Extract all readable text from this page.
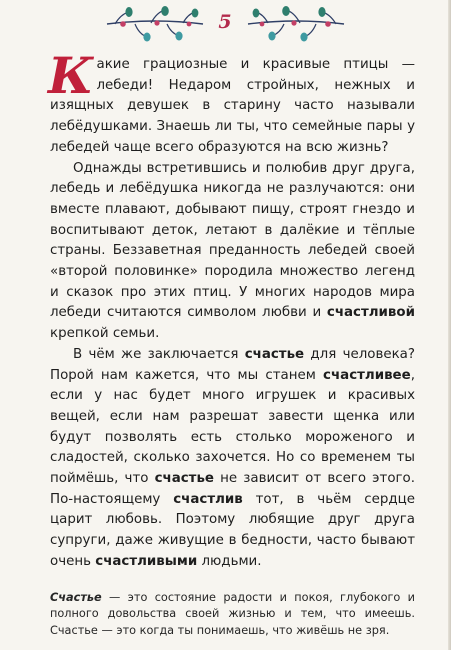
5

Какие грациозные и красивые птицы — лебеди! Недаром стройных, нежных и изящных девушек в старину часто называли лебёдушками. Знаешь ли ты, что семейные пары у лебедей чаще всего образуются на всю жизнь?

Однажды встретившись и полюбив друг друга, лебедь и лебёдушка никогда не разлучаются: они вместе плавают, добывают пищу, строят гнездо и воспитывают деток, летают в далёкие и тёплые страны. Беззаветная преданность лебедей своей «второй половинке» породила множество легенд и сказок про этих птиц. У многих народов мира лебеди считаются символом любви и счастливой крепкой семьи.

В чём же заключается счастье для человека? Порой нам кажется, что мы станем счастливее, если у нас будет много игрушек и красивых вещей, если нам разрешат завести щенка или будут позволять есть столько мороженого и сладостей, сколько захочется. Но со временем ты поймёшь, что счастье не зависит от всего этого. По-настоящему счастлив тот, в чьём сердце царит любовь. Поэтому любящие друг друга супруги, даже живущие в бедности, часто бывают очень счастливыми людьми.

Счастье — это состояние радости и покоя, глубокого и полного довольства своей жизнью и тем, что имеешь. Счастье — это когда ты понимаешь, что живёшь не зря.
